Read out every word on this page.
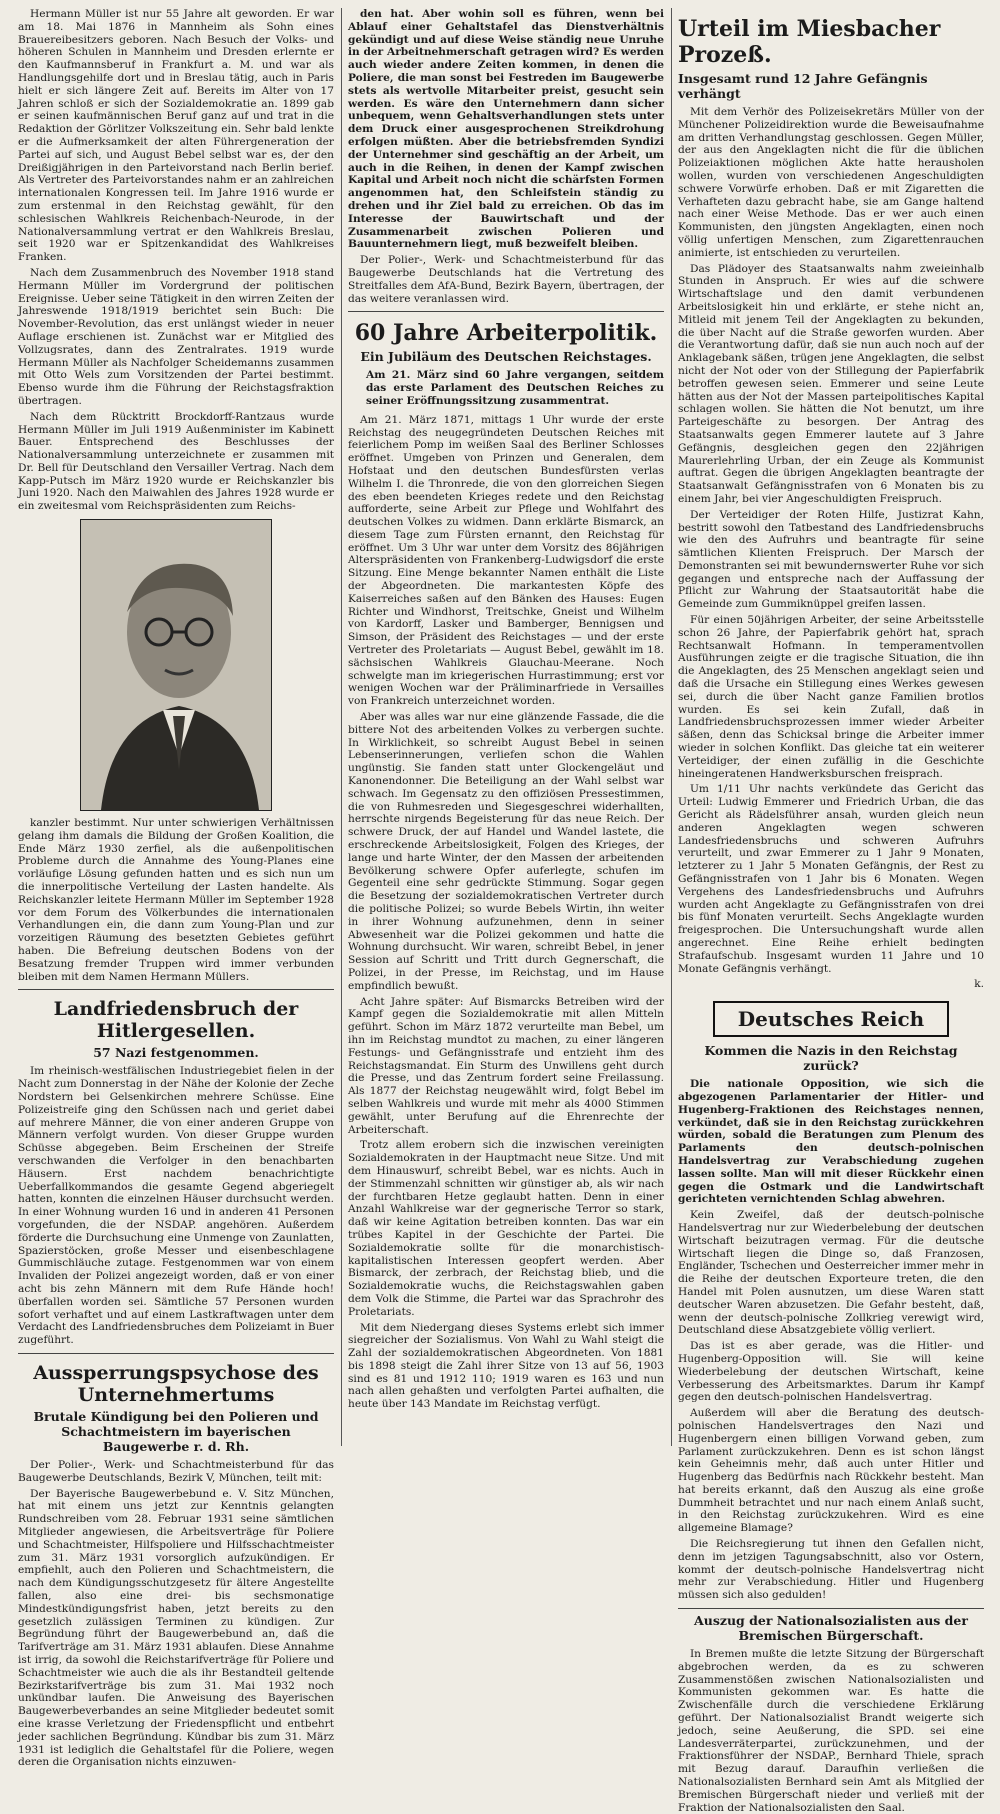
Hermann Müller ist nur 55 Jahre alt geworden. Er war am 18. Mai 1876 in Mannheim als Sohn eines Brauereibesitzers geboren. Nach Besuch der Volks- und höheren Schulen in Mannheim und Dresden erlernte er den Kaufmannsberuf in Frankfurt a. M. und war als Handlungsgehilfe dort und in Breslau tätig, auch in Paris hielt er sich längere Zeit auf. Bereits im Alter von 17 Jahren schloß er sich der Sozialdemokratie an. 1899 gab er seinen kaufmännischen Beruf ganz auf und trat in die Redaktion der Görlitzer Volkszeitung ein. Sehr bald lenkte er die Aufmerksamkeit der alten Führergeneration der Partei auf sich, und August Bebel selbst war es, der den Dreißigjährigen in den Parteivorstand nach Berlin berief. Als Vertreter des Parteivorstandes nahm er an zahlreichen internationalen Kongressen teil. Im Jahre 1916 wurde er zum erstenmal in den Reichstag gewählt, für den schlesischen Wahlkreis Reichenbach-Neurode, in der Nationalversammlung vertrat er den Wahlkreis Breslau, seit 1920 war er Spitzenkandidat des Wahlkreises Franken.

Nach dem Zusammenbruch des November 1918 stand Hermann Müller im Vordergrund der politischen Ereignisse. Ueber seine Tätigkeit in den wirren Zeiten der Jahreswende 1918/1919 berichtet sein Buch: Die November-Revolution, das erst unlängst wieder in neuer Auflage erschienen ist. Zunächst war er Mitglied des Vollzugsrates, dann des Zentralrates. 1919 wurde Hermann Müller als Nachfolger Scheidemanns zusammen mit Otto Wels zum Vorsitzenden der Partei bestimmt. Ebenso wurde ihm die Führung der Reichstagsfraktion übertragen.

Nach dem Rücktritt Brockdorff-Rantzaus wurde Hermann Müller im Juli 1919 Außenminister im Kabinett Bauer. Entsprechend des Beschlusses der Nationalversammlung unterzeichnete er zusammen mit Dr. Bell für Deutschland den Versailler Vertrag. Nach dem Kapp-Putsch im März 1920 wurde er Reichskanzler bis Juni 1920. Nach den Maiwahlen des Jahres 1928 wurde er ein zweitesmal vom Reichspräsidenten zum Reichs-

kanzler bestimmt. Nur unter schwierigen Verhältnissen gelang ihm damals die Bildung der Großen Koalition, die Ende März 1930 zerfiel, als die außenpolitischen Probleme durch die Annahme des Young-Planes eine vorläufige Lösung gefunden hatten und es sich nun um die innerpolitische Verteilung der Lasten handelte. Als Reichskanzler leitete Hermann Müller im September 1928 vor dem Forum des Völkerbundes die internationalen Verhandlungen ein, die dann zum Young-Plan und zur vorzeitigen Räumung des besetzten Gebietes geführt haben. Die Befreiung deutschen Bodens von der Besatzung fremder Truppen wird immer verbunden bleiben mit dem Namen Hermann Müllers.

Landfriedensbruch der Hitlergesellen.
57 Nazi festgenommen.

Im rheinisch-westfälischen Industriegebiet fielen in der Nacht zum Donnerstag in der Nähe der Kolonie der Zeche Nordstern bei Gelsenkirchen mehrere Schüsse. Eine Polizeistreife ging den Schüssen nach und geriet dabei auf mehrere Männer, die von einer anderen Gruppe von Männern verfolgt wurden. Von dieser Gruppe wurden Schüsse abgegeben. Beim Erscheinen der Streife verschwanden die Verfolger in den benachbarten Häusern. Erst nachdem benachrichtigte Ueberfallkommandos die gesamte Gegend abgeriegelt hatten, konnten die einzelnen Häuser durchsucht werden. In einer Wohnung wurden 16 und in anderen 41 Personen vorgefunden, die der NSDAP. angehören. Außerdem förderte die Durchsuchung eine Unmenge von Zaunlatten, Spazierstöcken, große Messer und eisenbeschlagene Gummischläuche zutage. Festgenommen war von einem Invaliden der Polizei angezeigt worden, daß er von einer acht bis zehn Männern mit dem Rufe Hände hoch! überfallen worden sei. Sämtliche 57 Personen wurden sofort verhaftet und auf einem Lastkraftwagen unter dem Verdacht des Landfriedensbruches dem Polizeiamt in Buer zugeführt.

Aussperrungspsychose des Unternehmertums
Brutale Kündigung bei den Polieren und Schachtmeistern im bayerischen Baugewerbe r. d. Rh.

Der Polier-, Werk- und Schachtmeisterbund für das Baugewerbe Deutschlands, Bezirk V, München, teilt mit:

Der Bayerische Baugewerbebund e. V. Sitz München, hat mit einem uns jetzt zur Kenntnis gelangten Rundschreiben vom 28. Februar 1931 seine sämtlichen Mitglieder angewiesen, die Arbeitsverträge für Poliere und Schachtmeister, Hilfspoliere und Hilfsschachtmeister zum 31. März 1931 vorsorglich aufzukündigen. Er empfiehlt, auch den Polieren und Schachtmeistern, die nach dem Kündigungsschutzgesetz für ältere Angestellte fallen, also eine drei- bis sechsmonatige Mindestkündigungsfrist haben, jetzt bereits zu den gesetzlich zulässigen Terminen zu kündigen. Zur Begründung führt der Baugewerbebund an, daß die Tarifverträge am 31. März 1931 ablaufen. Diese Annahme ist irrig, da sowohl die Reichstarifverträge für Poliere und Schachtmeister wie auch die als ihr Bestandteil geltende Bezirkstarifverträge bis zum 31. Mai 1932 noch unkündbar laufen. Die Anweisung des Bayerischen Baugewerbeverbandes an seine Mitglieder bedeutet somit eine krasse Verletzung der Friedenspflicht und entbehrt jeder sachlichen Begründung. Kündbar bis zum 31. März 1931 ist lediglich die Gehaltstafel für die Poliere, wegen deren die Organisation nichts einzuwen-

den hat. Aber wohin soll es führen, wenn bei Ablauf einer Gehaltstafel das Dienstverhältnis gekündigt und auf diese Weise ständig neue Unruhe in der Arbeitnehmerschaft getragen wird? Es werden auch wieder andere Zeiten kommen, in denen die Poliere, die man sonst bei Festreden im Baugewerbe stets als wertvolle Mitarbeiter preist, gesucht sein werden. Es wäre den Unternehmern dann sicher unbequem, wenn Gehaltsverhandlungen stets unter dem Druck einer ausgesprochenen Streikdrohung erfolgen müßten. Aber die betriebsfremden Syndizi der Unternehmer sind geschäftig an der Arbeit, um auch in die Reihen, in denen der Kampf zwischen Kapital und Arbeit noch nicht die schärfsten Formen angenommen hat, den Schleifstein ständig zu drehen und ihr Ziel bald zu erreichen. Ob das im Interesse der Bauwirtschaft und der Zusammenarbeit zwischen Polieren und Bauunternehmern liegt, muß bezweifelt bleiben.

Der Polier-, Werk- und Schachtmeisterbund für das Baugewerbe Deutschlands hat die Vertretung des Streitfalles dem AfA-Bund, Bezirk Bayern, übertragen, der das weitere veranlassen wird.

60 Jahre Arbeiterpolitik.
Ein Jubiläum des Deutschen Reichstages.

Am 21. März sind 60 Jahre vergangen, seitdem das erste Parlament des Deutschen Reiches zu seiner Eröffnungssitzung zusammentrat.

Am 21. März 1871, mittags 1 Uhr wurde der erste Reichstag des neugegründeten Deutschen Reiches mit feierlichem Pomp im weißen Saal des Berliner Schlosses eröffnet. Umgeben von Prinzen und Generalen, dem Hofstaat und den deutschen Bundesfürsten verlas Wilhelm I. die Thronrede, die von den glorreichen Siegen des eben beendeten Krieges redete und den Reichstag aufforderte, seine Arbeit zur Pflege und Wohlfahrt des deutschen Volkes zu widmen. Dann erklärte Bismarck, an diesem Tage zum Fürsten ernannt, den Reichstag für eröffnet. Um 3 Uhr war unter dem Vorsitz des 86jährigen Alterspräsidenten von Frankenberg-Ludwigsdorf die erste Sitzung. Eine Menge bekannter Namen enthält die Liste der Abgeordneten. Die markantesten Köpfe des Kaiserreiches saßen auf den Bänken des Hauses: Eugen Richter und Windhorst, Treitschke, Gneist und Wilhelm von Kardorff, Lasker und Bamberger, Bennigsen und Simson, der Präsident des Reichstages — und der erste Vertreter des Proletariats — August Bebel, gewählt im 18. sächsischen Wahlkreis Glauchau-Meerane. Noch schwelgte man im kriegerischen Hurrastimmung; erst vor wenigen Wochen war der Präliminarfriede in Versailles von Frankreich unterzeichnet worden.

Aber was alles war nur eine glänzende Fassade, die die bittere Not des arbeitenden Volkes zu verbergen suchte. In Wirklichkeit, so schreibt August Bebel in seinen Lebenserinnerungen, verliefen schon die Wahlen ungünstig. Sie fanden statt unter Glockengeläut und Kanonendonner. Die Beteiligung an der Wahl selbst war schwach. Im Gegensatz zu den offiziösen Pressestimmen, die von Ruhmesreden und Siegesgeschrei widerhallten, herrschte nirgends Begeisterung für das neue Reich. Der schwere Druck, der auf Handel und Wandel lastete, die erschreckende Arbeitslosigkeit, Folgen des Krieges, der lange und harte Winter, der den Massen der arbeitenden Bevölkerung schwere Opfer auferlegte, schufen im Gegenteil eine sehr gedrückte Stimmung. Sogar gegen die Besetzung der sozialdemokratischen Vertreter durch die politische Polizei; so wurde Bebels Wirtin, ihn weiter in ihrer Wohnung aufzunehmen, denn in seiner Abwesenheit war die Polizei gekommen und hatte die Wohnung durchsucht. Wir waren, schreibt Bebel, in jener Session auf Schritt und Tritt durch Gegnerschaft, die Polizei, in der Presse, im Reichstag, und im Hause empfindlich bewußt.

Acht Jahre später: Auf Bismarcks Betreiben wird der Kampf gegen die Sozialdemokratie mit allen Mitteln geführt. Schon im März 1872 verurteilte man Bebel, um ihn im Reichstag mundtot zu machen, zu einer längeren Festungs- und Gefängnisstrafe und entzieht ihm des Reichstagsmandat. Ein Sturm des Unwillens geht durch die Presse, und das Zentrum fordert seine Freilassung. Als 1877 der Reichstag neugewählt wird, folgt Bebel im selben Wahlkreis und wurde mit mehr als 4000 Stimmen gewählt, unter Berufung auf die Ehrenrechte der Arbeiterschaft.

Trotz allem erobern sich die inzwischen vereinigten Sozialdemokraten in der Hauptmacht neue Sitze. Und mit dem Hinauswurf, schreibt Bebel, war es nichts. Auch in der Stimmenzahl schnitten wir günstiger ab, als wir nach der furchtbaren Hetze geglaubt hatten. Denn in einer Anzahl Wahlkreise war der gegnerische Terror so stark, daß wir keine Agitation betreiben konnten. Das war ein trübes Kapitel in der Geschichte der Partei. Die Sozialdemokratie sollte für die monarchistisch-kapitalistischen Interessen geopfert werden. Aber Bismarck, der zerbrach, der Reichstag blieb, und die Sozialdemokratie wuchs, die Reichstagswahlen gaben dem Volk die Stimme, die Partei war das Sprachrohr des Proletariats.

Mit dem Niedergang dieses Systems erlebt sich immer siegreicher der Sozialismus. Von Wahl zu Wahl steigt die Zahl der sozialdemokratischen Abgeordneten. Von 1881 bis 1898 steigt die Zahl ihrer Sitze von 13 auf 56, 1903 sind es 81 und 1912 110; 1919 waren es 163 und nun nach allen gehaßten und verfolgten Partei aufhalten, die heute über 143 Mandate im Reichstag verfügt.

Urteil im Miesbacher Prozeß.
Insgesamt rund 12 Jahre Gefängnis verhängt

Mit dem Verhör des Polizeisekretärs Müller von der Münchener Polizeidirektion wurde die Beweisaufnahme am dritten Verhandlungstag geschlossen. Gegen Müller, der aus den Angeklagten nicht die für die üblichen Polizeiaktionen möglichen Akte hatte herausholen wollen, wurden von verschiedenen Angeschuldigten schwere Vorwürfe erhoben. Daß er mit Zigaretten die Verhafteten dazu gebracht habe, sie am Gange haltend nach einer Weise Methode. Das er wer auch einen Kommunisten, den jüngsten Angeklagten, einen noch völlig unfertigen Menschen, zum Zigarettenrauchen animierte, ist entschieden zu verurteilen.

Das Plädoyer des Staatsanwalts nahm zweieinhalb Stunden in Anspruch. Er wies auf die schwere Wirtschaftslage und den damit verbundenen Arbeitslosigkeit hin und erklärte, er stehe nicht an, Mitleid mit jenem Teil der Angeklagten zu bekunden, die über Nacht auf die Straße geworfen wurden. Aber die Verantwortung dafür, daß sie nun auch noch auf der Anklagebank säßen, trügen jene Angeklagten, die selbst nicht der Not oder von der Stillegung der Papierfabrik betroffen gewesen seien. Emmerer und seine Leute hätten aus der Not der Massen parteipolitisches Kapital schlagen wollen. Sie hätten die Not benutzt, um ihre Parteigeschäfte zu besorgen. Der Antrag des Staatsanwalts gegen Emmerer lautete auf 3 Jahre Gefängnis, desgleichen gegen den 22jährigen Maurerlehrling Urban, der ein Zeuge als Kommunist auftrat. Gegen die übrigen Angeklagten beantragte der Staatsanwalt Gefängnisstrafen von 6 Monaten bis zu einem Jahr, bei vier Angeschuldigten Freispruch.

Der Verteidiger der Roten Hilfe, Justizrat Kahn, bestritt sowohl den Tatbestand des Landfriedensbruchs wie den des Aufruhrs und beantragte für seine sämtlichen Klienten Freispruch. Der Marsch der Demonstranten sei mit bewundernswerter Ruhe vor sich gegangen und entspreche nach der Auffassung der Pflicht zur Wahrung der Staatsautorität habe die Gemeinde zum Gummiknüppel greifen lassen.

Für einen 50jährigen Arbeiter, der seine Arbeitsstelle schon 26 Jahre, der Papierfabrik gehört hat, sprach Rechtsanwalt Hofmann. In temperamentvollen Ausführungen zeigte er die tragische Situation, die ihn die Angeklagten, des 25 Menschen angeklagt seien und daß die Ursache ein Stillegung eines Werkes gewesen sei, durch die über Nacht ganze Familien brotlos wurden. Es sei kein Zufall, daß in Landfriedensbruchsprozessen immer wieder Arbeiter säßen, denn das Schicksal bringe die Arbeiter immer wieder in solchen Konflikt. Das gleiche tat ein weiterer Verteidiger, der einen zufällig in die Geschichte hineingeratenen Handwerksburschen freisprach.

Um 1/11 Uhr nachts verkündete das Gericht das Urteil: Ludwig Emmerer und Friedrich Urban, die das Gericht als Rädelsführer ansah, wurden gleich neun anderen Angeklagten wegen schweren Landesfriedensbruchs und schweren Aufruhrs verurteilt, und zwar Emmerer zu 1 Jahr 9 Monaten, letzterer zu 1 Jahr 5 Monaten Gefängnis, der Rest zu Gefängnisstrafen von 1 Jahr bis 6 Monaten. Wegen Vergehens des Landesfriedensbruchs und Aufruhrs wurden acht Angeklagte zu Gefängnisstrafen von drei bis fünf Monaten verurteilt. Sechs Angeklagte wurden freigesprochen. Die Untersuchungshaft wurde allen angerechnet. Eine Reihe erhielt bedingten Strafaufschub. Insgesamt wurden 11 Jahre und 10 Monate Gefängnis verhängt.

k.
Deutsches Reich
Kommen die Nazis in den Reichstag zurück?

Die nationale Opposition, wie sich die abgezogenen Parlamentarier der Hitler- und Hugenberg-Fraktionen des Reichstages nennen, verkündet, daß sie in den Reichstag zurückkehren würden, sobald die Beratungen zum Plenum des Parlaments den deutsch-polnischen Handelsvertrag zur Verabschiedung zugehen lassen sollte. Man will mit dieser Rückkehr einen gegen die Ostmark und die Landwirtschaft gerichteten vernichtenden Schlag abwehren.

Kein Zweifel, daß der deutsch-polnische Handelsvertrag nur zur Wiederbelebung der deutschen Wirtschaft beizutragen vermag. Für die deutsche Wirtschaft liegen die Dinge so, daß Franzosen, Engländer, Tschechen und Oesterreicher immer mehr in die Reihe der deutschen Exporteure treten, die den Handel mit Polen ausnutzen, um diese Waren statt deutscher Waren abzusetzen. Die Gefahr besteht, daß, wenn der deutsch-polnische Zollkrieg verewigt wird, Deutschland diese Absatzgebiete völlig verliert.

Das ist es aber gerade, was die Hitler- und Hugenberg-Opposition will. Sie will keine Wiederbelebung der deutschen Wirtschaft, keine Verbesserung des Arbeitsmarktes. Darum ihr Kampf gegen den deutsch-polnischen Handelsvertrag.

Außerdem will aber die Beratung des deutsch-polnischen Handelsvertrages den Nazi und Hugenbergern einen billigen Vorwand geben, zum Parlament zurückzukehren. Denn es ist schon längst kein Geheimnis mehr, daß auch unter Hitler und Hugenberg das Bedürfnis nach Rückkehr besteht. Man hat bereits erkannt, daß den Auszug als eine große Dummheit betrachtet und nur nach einem Anlaß sucht, in den Reichstag zurückzukehren. Wird es eine allgemeine Blamage?

Die Reichsregierung tut ihnen den Gefallen nicht, denn im jetzigen Tagungsabschnitt, also vor Ostern, kommt der deutsch-polnische Handelsvertrag nicht mehr zur Verabschiedung. Hitler und Hugenberg müssen sich also gedulden!

Auszug der Nationalsozialisten aus der Bremischen Bürgerschaft.

In Bremen mußte die letzte Sitzung der Bürgerschaft abgebrochen werden, da es zu schweren Zusammenstößen zwischen Nationalsozialisten und Kommunisten gekommen war. Es hatte die Zwischenfälle durch die verschiedene Erklärung geführt. Der Nationalsozialist Brandt weigerte sich jedoch, seine Aeußerung, die SPD. sei eine Landesverräterpartei, zurückzunehmen, und der Fraktionsführer der NSDAP., Bernhard Thiele, sprach mit Bezug darauf. Daraufhin verließen die Nationalsozialisten Bernhard sein Amt als Mitglied der Bremischen Bürgerschaft nieder und verließ mit der Fraktion der Nationalsozialisten den Saal.
